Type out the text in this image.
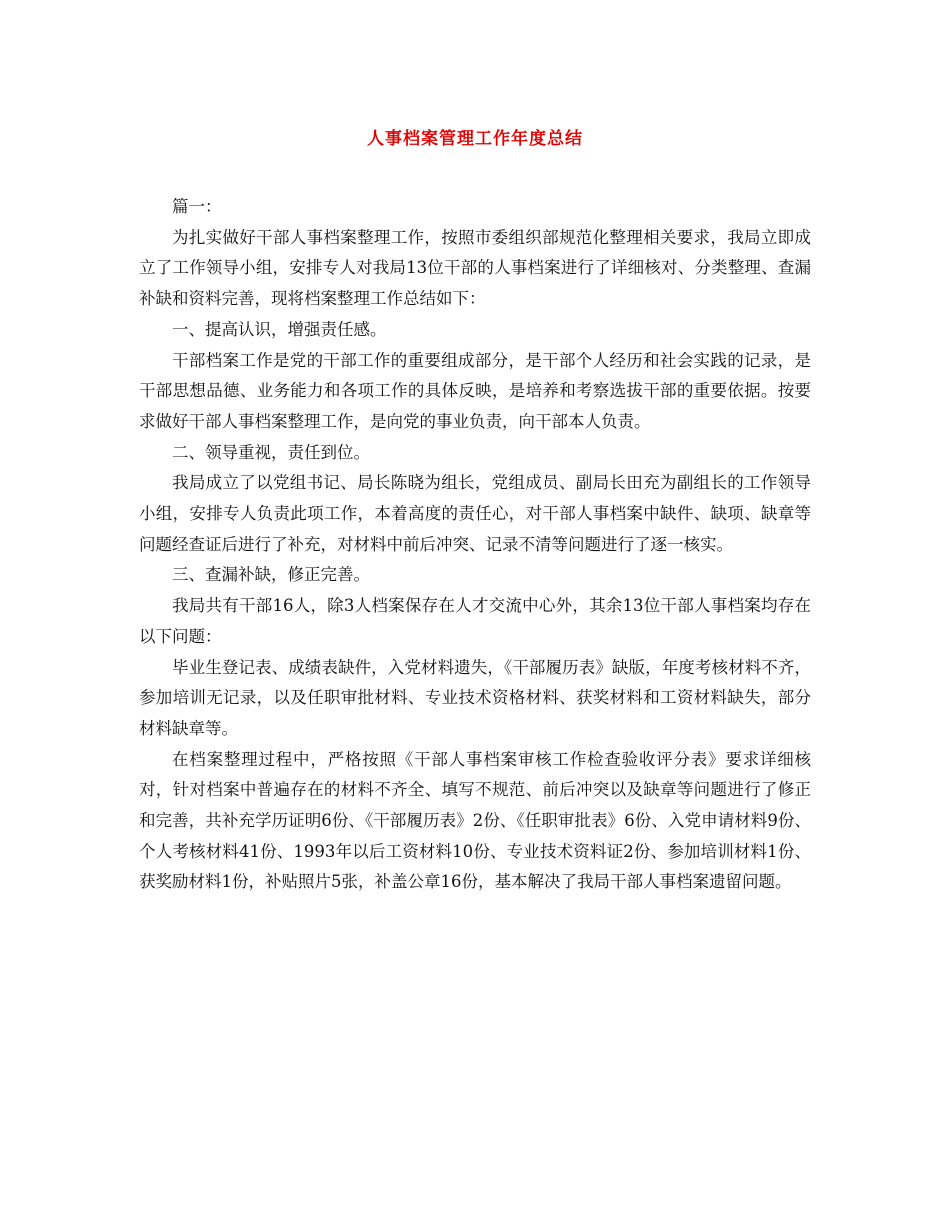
人事档案管理工作年度总结

篇一：

为扎实做好干部人事档案整理工作，按照市委组织部规范化整理相关要求，我局立即成立了工作领导小组，安排专人对我局13位干部的人事档案进行了详细核对、分类整理、查漏补缺和资料完善，现将档案整理工作总结如下：

一、提高认识，增强责任感。

干部档案工作是党的干部工作的重要组成部分，是干部个人经历和社会实践的记录，是干部思想品德、业务能力和各项工作的具体反映，是培养和考察选拔干部的重要依据。按要求做好干部人事档案整理工作，是向党的事业负责，向干部本人负责。

二、领导重视，责任到位。

我局成立了以党组书记、局长陈晓为组长，党组成员、副局长田充为副组长的工作领导小组，安排专人负责此项工作，本着高度的责任心，对干部人事档案中缺件、缺项、缺章等问题经查证后进行了补充，对材料中前后冲突、记录不清等问题进行了逐一核实。

三、查漏补缺，修正完善。

我局共有干部16人，除3人档案保存在人才交流中心外，其余13位干部人事档案均存在以下问题：

毕业生登记表、成绩表缺件，入党材料遗失，《干部履历表》缺版，年度考核材料不齐，参加培训无记录，以及任职审批材料、专业技术资格材料、获奖材料和工资材料缺失，部分材料缺章等。

在档案整理过程中，严格按照《干部人事档案审核工作检查验收评分表》要求详细核对，针对档案中普遍存在的材料不齐全、填写不规范、前后冲突以及缺章等问题进行了修正和完善，共补充学历证明6份、《干部履历表》2份、《任职审批表》6份、入党申请材料9份、个人考核材料41份、1993年以后工资材料10份、专业技术资料证2份、参加培训材料1份、获奖励材料1份，补贴照片5张，补盖公章16份，基本解决了我局干部人事档案遗留问题。
